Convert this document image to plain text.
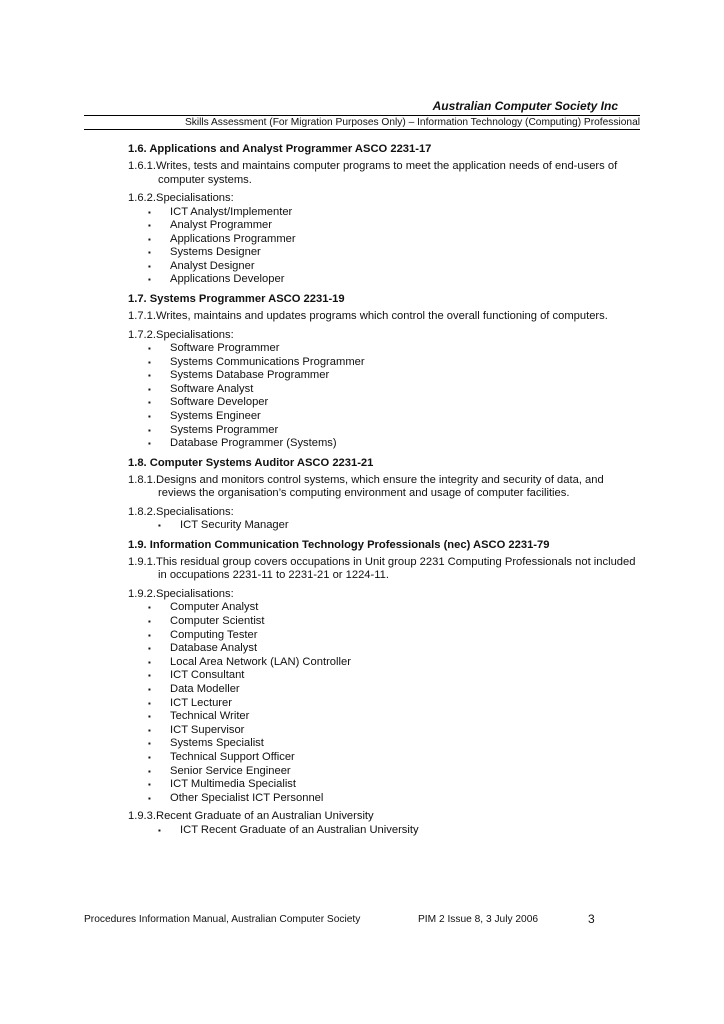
Australian Computer Society Inc
Skills Assessment (For Migration Purposes Only) – Information Technology (Computing) Professional
1.6. Applications and Analyst Programmer ASCO 2231-17

1.6.1.Writes, tests and maintains computer programs to meet the application needs of end-users of computer systems.

1.6.2.Specialisations:

▪ ICT Analyst/Implementer
▪ Analyst Programmer
▪ Applications Programmer
▪ Systems Designer
▪ Analyst Designer
▪ Applications Developer
1.7. Systems Programmer ASCO 2231-19

1.7.1.Writes, maintains and updates programs which control the overall functioning of computers.

1.7.2.Specialisations:

▪ Software Programmer
▪ Systems Communications Programmer
▪ Systems Database Programmer
▪ Software Analyst
▪ Software Developer
▪ Systems Engineer
▪ Systems Programmer
▪ Database Programmer (Systems)
1.8. Computer Systems Auditor ASCO 2231-21

1.8.1.Designs and monitors control systems, which ensure the integrity and security of data, and reviews the organisation’s computing environment and usage of computer facilities.

1.8.2.Specialisations:

▪ ICT Security Manager
1.9. Information Communication Technology Professionals (nec) ASCO 2231-79

1.9.1.This residual group covers occupations in Unit group 2231 Computing Professionals not included in occupations 2231-11 to 2231-21 or 1224-11.

1.9.2.Specialisations:

▪ Computer Analyst
▪ Computer Scientist
▪ Computing Tester
▪ Database Analyst
▪ Local Area Network (LAN) Controller
▪ ICT Consultant
▪ Data Modeller
▪ ICT Lecturer
▪ Technical Writer
▪ ICT Supervisor
▪ Systems Specialist
▪ Technical Support Officer
▪ Senior Service Engineer
▪ ICT Multimedia Specialist
▪ Other Specialist ICT Personnel

1.9.3.Recent Graduate of an Australian University

▪ ICT Recent Graduate of an Australian University
Procedures Information Manual, Australian Computer Society	PIM 2 Issue 8, 3 July 2006	3
